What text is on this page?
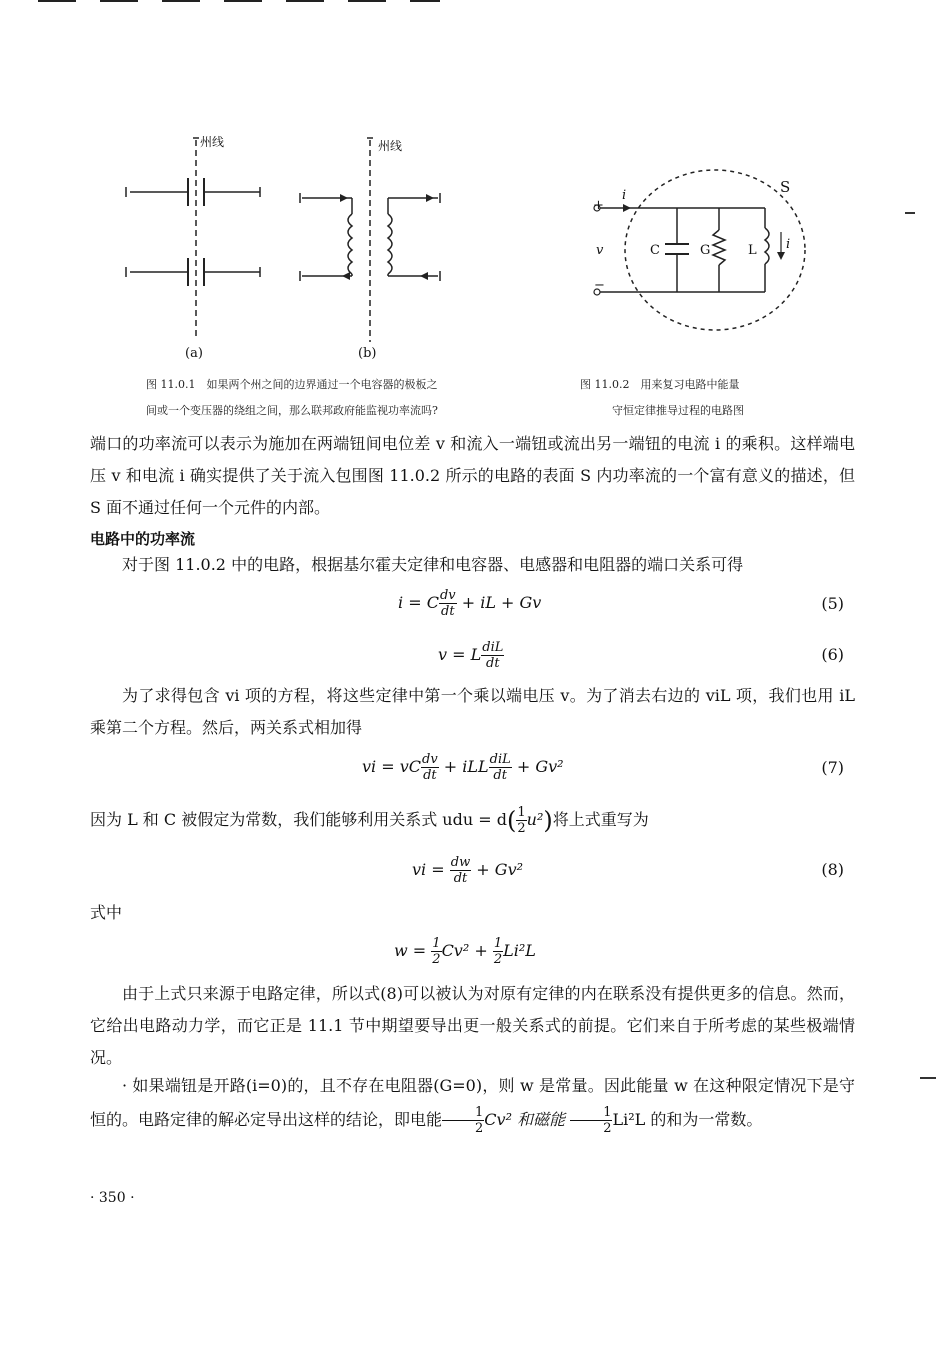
州线
(a)
州线
(b)
图 11.0.1　如果两个州之间的边界通过一个电容器的极板之
间或一个变压器的绕组之间，那么联邦政府能监视功率流吗?
i
+
v
−
C	G	L i
S
图 11.0.2　用来复习电路中能量
守恒定律推导过程的电路图
端口的功率流可以表示为施加在两端钮间电位差 v 和流入一端钮或流出另一端钮的电流 i 的乘积。这样端电压 v 和电流 i 确实提供了关于流入包围图 11.0.2 所示的电路的表面 S 内功率流的一个富有意义的描述，但 S 面不通过任何一个元件的内部。
电路中的功率流
对于图 11.0.2 中的电路，根据基尔霍夫定律和电容器、电感器和电阻器的端口关系可得
i = C $\frac{dv}{dt}$ + iL + Gv	(5)
v = L $\frac{\text{diL}}{dt}$	(6)
为了求得包含 vi 项的方程，将这些定律中第一个乘以端电压 v。为了消去右边的 viL 项，我们也用 iL 乘第二个方程。然后，两关系式相加得
vi = vC $\frac{dv}{dt}$ + iLL $\frac{\text{diL}}{dt} + Gv^2$	(7)
因为 L 和 C 被假定为常数，我们能够利用关系式 udu = $d( \frac{1}{2} u^2)$将上式重写为
vi = $\frac{dw}{dt} + Gv^2$	(8)
式中
$w = \frac{1}{2} Cv^2 + \frac{1}{2} Li^2L$
由于上式只来源于电路定律，所以式(8)可以被认为对原有定律的内在联系没有提供更多的信息。然而，它给出电路动力学，而它正是 11.1 节中期望要导出更一般关系式的前提。它们来自于所考虑的某些极端情况。
· 如果端钮是开路(i=0)的，且不存在电阻器(G=0)，则 w 是常量。因此能量 w 在这种限定情况下是守恒的。电路定律的解必定导出这样的结论，即电能 $\frac{1}{2} Cv^2$ 和磁能 $\frac{1}{2} Li^2L$ 的和为一常数。
· 350 ·
